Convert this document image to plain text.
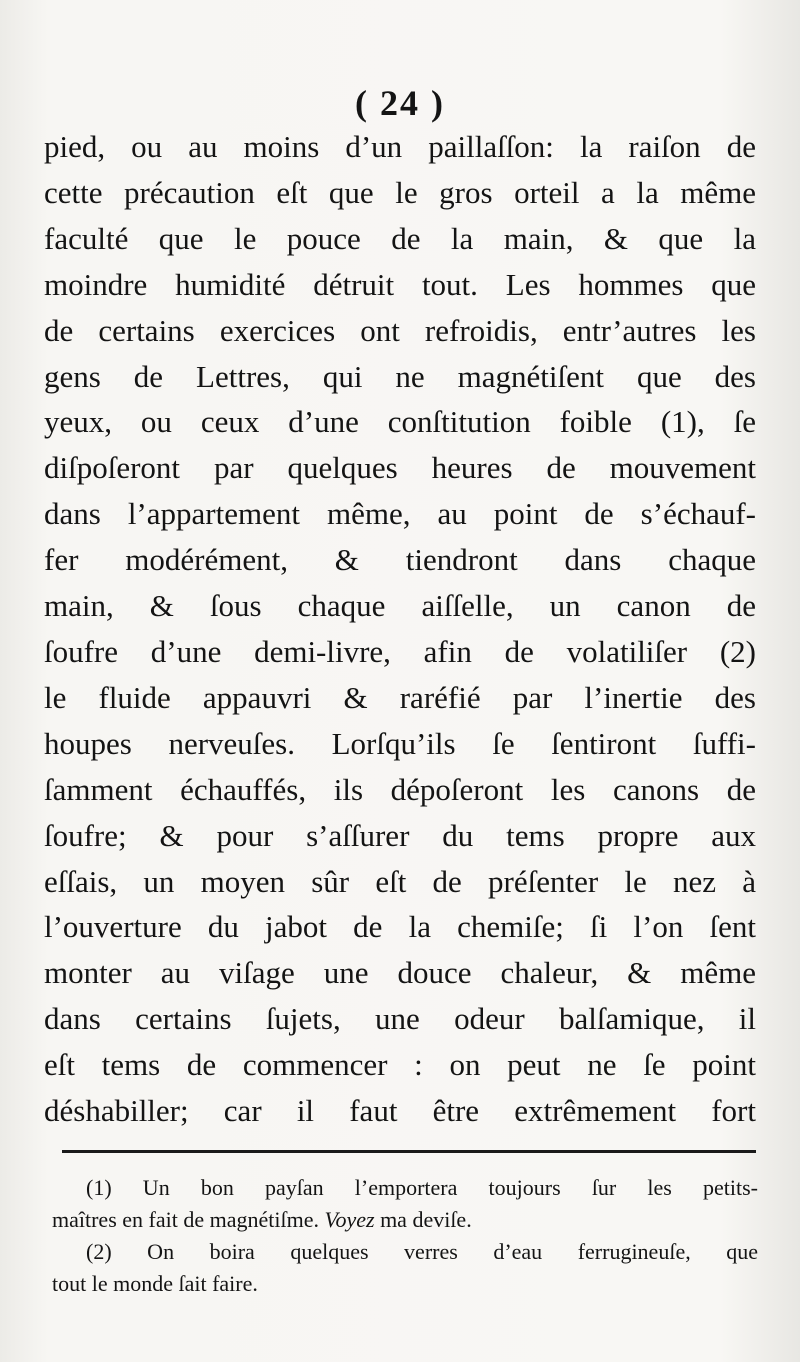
( 24 )
pied, ou au moins d’un paillaſſon: la raiſon de
cette précaution eſt que le gros orteil a la même
faculté que le pouce de la main, & que la
moindre humidité détruit tout. Les hommes que
de certains exercices ont refroidis, entr’autres les
gens de Lettres, qui ne magnétiſent que des
yeux, ou ceux d’une conſtitution foible (1), ſe
diſpoſeront par quelques heures de mouvement
dans l’appartement même, au point de s’échauf-
fer modérément, & tiendront dans chaque
main, & ſous chaque aiſſelle, un canon de
ſoufre d’une demi-livre, afin de volatiliſer (2)
le fluide appauvri & raréfié par l’inertie des
houpes nerveuſes. Lorſqu’ils ſe ſentiront ſuffi-
ſamment échauffés, ils dépoſeront les canons de
ſoufre; & pour s’aſſurer du tems propre aux
eſſais, un moyen sûr eſt de préſenter le nez à
l’ouverture du jabot de la chemiſe; ſi l’on ſent
monter au viſage une douce chaleur, & même
dans certains ſujets, une odeur balſamique, il
eſt tems de commencer : on peut ne ſe point
déshabiller; car il faut être extrêmement fort
(1) Un bon payſan l’emportera toujours ſur les petits-
maîtres en fait de magnétiſme. Voyez ma deviſe.
(2) On boira quelques verres d’eau ferrugineuſe, que
tout le monde ſait faire.
